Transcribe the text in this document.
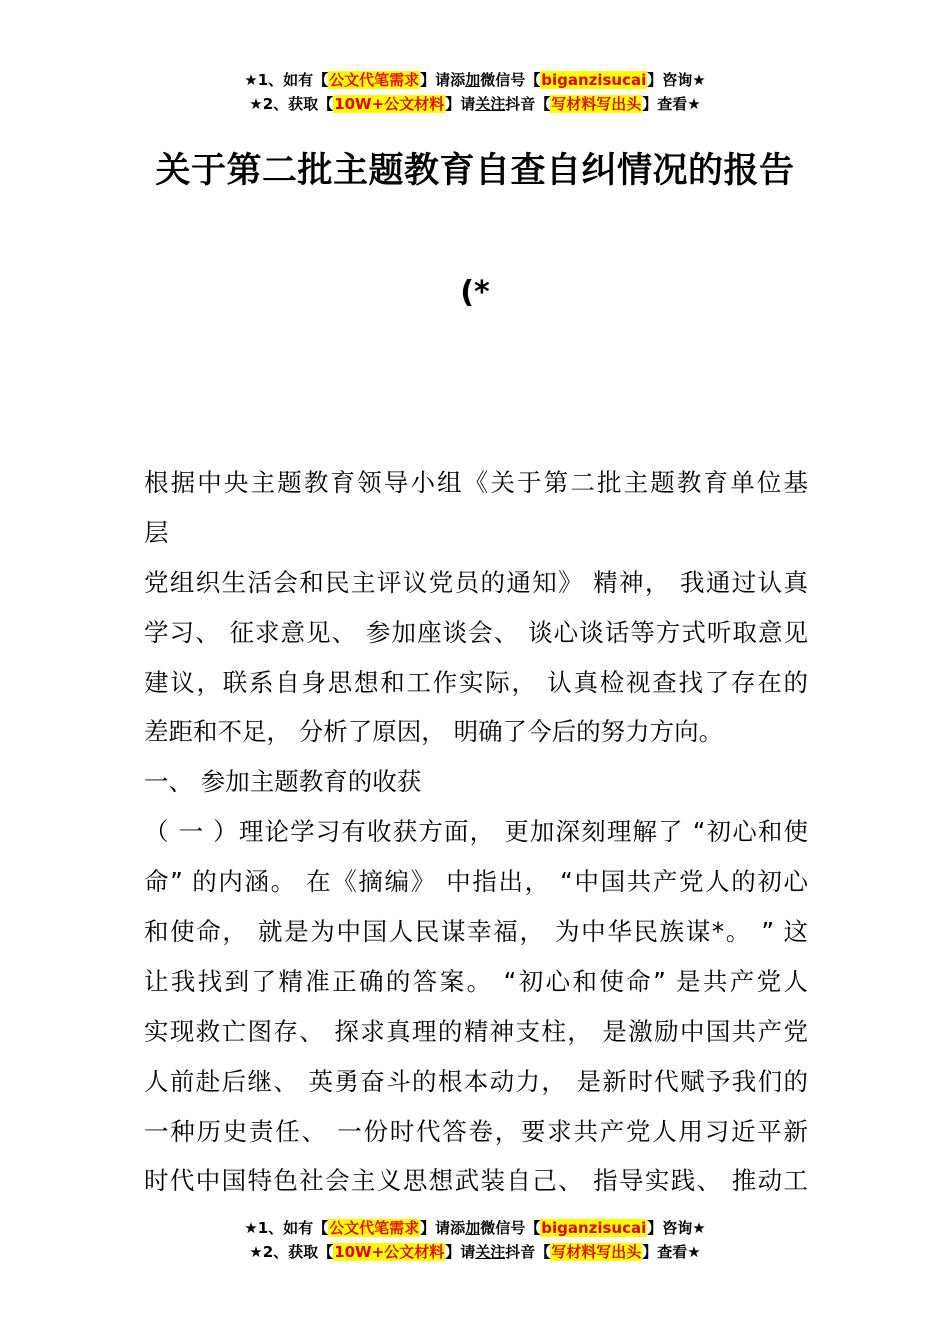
★1、如有【公文代笔需求】请添加微信号【biganzisucai】咨询★
★2、获取【10W+公文材料】请关注抖音【写材料写出头】查看★
关于第二批主题教育自查自纠情况的报告
(*
根据中央主题教育领导小组《关于第二批主题教育单位基
层
党组织生活会和民主评议党员的通知》 精神， 我通过认真
学习、 征求意见、 参加座谈会、 谈心谈话等方式听取意见
建议，联系自身思想和工作实际， 认真检视查找了存在的
差距和不足， 分析了原因， 明确了今后的努力方向。
一、 参加主题教育的收获
（ 一 ）理论学习有收获方面， 更加深刻理解了 “初心和使
命” 的内涵。 在《摘编》 中指出， “中国共产党人的初心
和使命， 就是为中国人民谋幸福， 为中华民族谋*。 ” 这
让我找到了精准正确的答案。 “初心和使命” 是共产党人
实现救亡图存、 探求真理的精神支柱， 是激励中国共产党
人前赴后继、 英勇奋斗的根本动力， 是新时代赋予我们的
一种历史责任、 一份时代答卷，要求共产党人用习近平新
时代中国特色社会主义思想武装自己、 指导实践、 推动工
★1、如有【公文代笔需求】请添加微信号【biganzisucai】咨询★
★2、获取【10W+公文材料】请关注抖音【写材料写出头】查看★
